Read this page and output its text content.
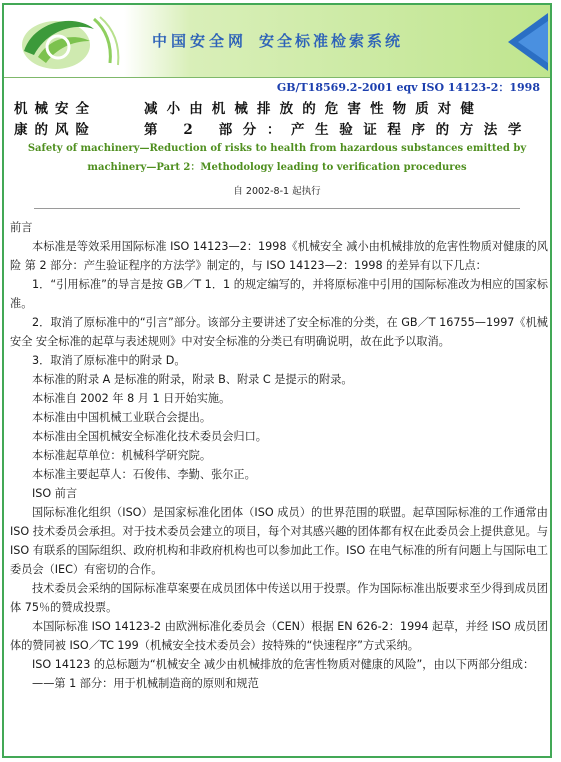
中国安全网 安全标准检索系统
GB/T18569.2-2001 eqv ISO 14123-2：1998
机械安全	减小由机械排放的危害性物质对健
康的风险	第 2 部分：产生验证程序的方法学
Safety of machinery—Reduction of risks to health from hazardous substances emitted by machinery—Part 2：Methodology leading to verification procedures
自 2002-8-1 起执行

前言

本标准是等效采用国际标准 ISO 14123—2：1998《机械安全 减小由机械排放的危害性物质对健康的风险 第 2 部分：产生验证程序的方法学》制定的，与 ISO 14123—2：1998 的差异有以下几点：

1．“引用标准”的导言是按 GB／T 1．1 的规定编写的，并将原标准中引用的国际标准改为相应的国家标准。

2．取消了原标准中的“引言”部分。该部分主要讲述了安全标准的分类，在 GB／T 16755—1997《机械安全 安全标准的起草与表述规则》中对安全标准的分类已有明确说明，故在此予以取消。

3．取消了原标准中的附录 D。

本标准的附录 A 是标准的附录，附录 B、附录 C 是提示的附录。

本标准自 2002 年 8 月 1 日开始实施。

本标准由中国机械工业联合会提出。

本标准由全国机械安全标准化技术委员会归口。

本标准起草单位：机械科学研究院。

本标准主要起草人：石俊伟、李勤、张尔正。

ISO 前言

国际标准化组织（ISO）是国家标准化团体（ISO 成员）的世界范围的联盟。起草国际标准的工作通常由 ISO 技术委员会承担。对于技术委员会建立的项目，每个对其感兴趣的团体都有权在此委员会上提供意见。与 ISO 有联系的国际组织、政府机构和非政府机构也可以参加此工作。ISO 在电气标准的所有问题上与国际电工委员会（IEC）有密切的合作。

技术委员会采纳的国际标准草案要在成员团体中传送以用于投票。作为国际标准出版要求至少得到成员团体 75％的赞成投票。

本国际标准 ISO 14123-2 由欧洲标准化委员会（CEN）根据 EN 626-2：1994 起草，并经 ISO 成员团体的赞同被 ISO／TC 199（机械安全技术委员会）按特殊的“快速程序”方式采纳。

ISO 14123 的总标题为“机械安全 减少由机械排放的危害性物质对健康的风险”，由以下两部分组成：

——第 1 部分：用于机械制造商的原则和规范
